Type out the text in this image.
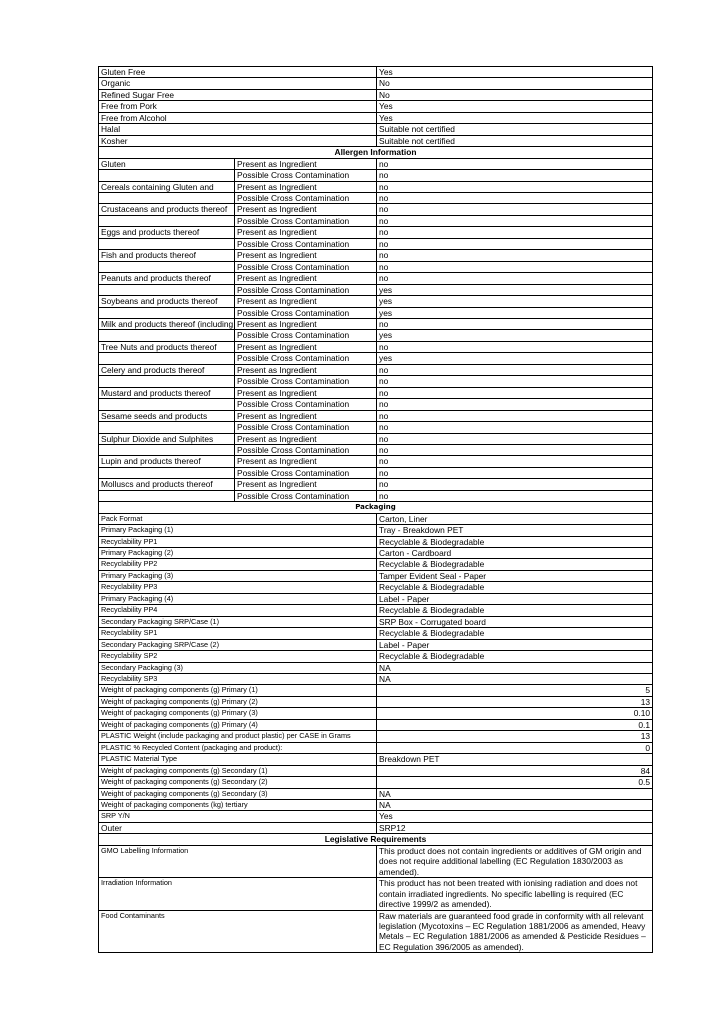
Gluten Free		Yes
Organic		No
Refined Sugar Free		No
Free from Pork		Yes
Free from Alcohol		Yes
Halal		Suitable not certified
Kosher		Suitable not certified
Allergen Information		
Gluten	Present as Ingredient	no
	Possible Cross Contamination	no
Cereals containing Gluten and	Present as Ingredient	no
	Possible Cross Contamination	no
Crustaceans and products thereof	Present as Ingredient	no
	Possible Cross Contamination	no
Eggs and products thereof	Present as Ingredient	no
	Possible Cross Contamination	no
Fish and products thereof	Present as Ingredient	no
	Possible Cross Contamination	no
Peanuts and products thereof	Present as Ingredient	no
	Possible Cross Contamination	yes
Soybeans and products thereof	Present as Ingredient	yes
	Possible Cross Contamination	yes
Milk and products thereof (including	Present as Ingredient	no
	Possible Cross Contamination	yes
Tree Nuts and products thereof	Present as Ingredient	no
	Possible Cross Contamination	yes
Celery and products thereof	Present as Ingredient	no
	Possible Cross Contamination	no
Mustard and products thereof	Present as Ingredient	no
	Possible Cross Contamination	no
Sesame seeds and products	Present as Ingredient	no
	Possible Cross Contamination	no
Sulphur Dioxide and Sulphites	Present as Ingredient	no
	Possible Cross Contamination	no
Lupin and products thereof	Present as Ingredient	no
	Possible Cross Contamination	no
Molluscs and products thereof	Present as Ingredient	no
	Possible Cross Contamination	no
Packaging		
Pack Format		Carton, Liner
Primary Packaging (1)		Tray - Breakdown PET
Recyclability PP1		Recyclable & Biodegradable
Primary Packaging (2)		Carton - Cardboard
Recyclability PP2		Recyclable & Biodegradable
Primary Packaging (3)		Tamper Evident Seal - Paper
Recyclability PP3		Recyclable & Biodegradable
Primary Packaging (4)		Label - Paper
Recyclability PP4		Recyclable & Biodegradable
Secondary Packaging SRP/Case (1)		SRP Box - Corrugated board
Recyclability SP1		Recyclable & Biodegradable
Secondary Packaging SRP/Case (2)		Label - Paper
Recyclability SP2		Recyclable & Biodegradable
Secondary Packaging (3)		NA
Recyclability SP3		NA
Weight of packaging components (g) Primary (1)		5
Weight of packaging components (g) Primary (2)		13
Weight of packaging components (g) Primary (3)		0.10
Weight of packaging components (g) Primary (4)		0.1
PLASTIC Weight (include packaging and product plastic) per CASE in Grams		13
PLASTIC % Recycled Content (packaging and product):		0
PLASTIC Material Type		Breakdown PET
Weight of packaging components (g) Secondary (1)		84
Weight of packaging components (g) Secondary (2)		0.5
Weight of packaging components (g) Secondary (3)		NA
Weight of packaging components (kg) tertiary		NA
SRP Y/N		Yes
Outer		SRP12
Legislative Requirements		
GMO Labelling Information		This product does not contain ingredients or additives of GM origin and does not require additional labelling (EC Regulation 1830/2003 as amended).
Irradiation Information		This product has not been treated with ionising radiation and does not contain irradiated ingredients. No specific labelling is required (EC directive 1999/2 as amended).
Food Contaminants		Raw materials are guaranteed food grade in conformity with all relevant legislation (Mycotoxins – EC Regulation 1881/2006 as amended, Heavy Metals – EC Regulation 1881/2006 as amended & Pesticide Residues – EC Regulation 396/2005 as amended).
